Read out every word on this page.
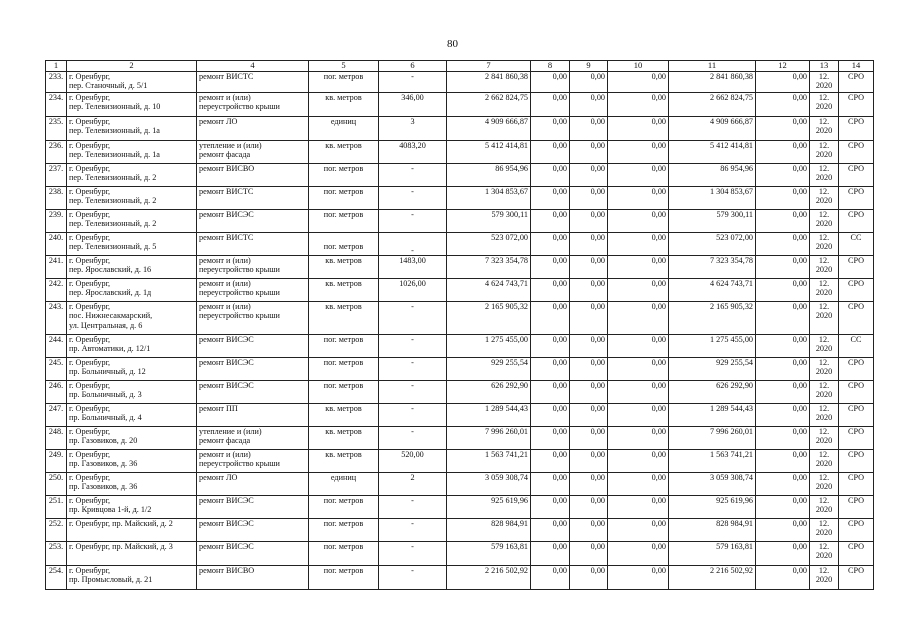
80
1	2	4	5	6	7	8	9	10	11	12	13	14
233.	г. Оренбург,
пер. Станочный, д. 5/1	ремонт ВИСТС	пог. метров	-	2 841 860,38	0,00	0,00	0,00	2 841 860,38	0,00	12.
2020	СРО
234.	г. Оренбург,
пер. Телевизионный, д. 10	ремонт и (или)
переустройство крыши	кв. метров	346,00	2 662 824,75	0,00	0,00	0,00	2 662 824,75	0,00	12.
2020	СРО
235.	г. Оренбург,
пер. Телевизионный, д. 1а	ремонт ЛО	единиц	3	4 909 666,87	0,00	0,00	0,00	4 909 666,87	0,00	12.
2020	СРО
236.	г. Оренбург,
пер. Телевизионный, д. 1а	утепление и (или)
ремонт фасада	кв. метров	4083,20	5 412 414,81	0,00	0,00	0,00	5 412 414,81	0,00	12.
2020	СРО
237.	г. Оренбург,
пер. Телевизионный, д. 2	ремонт ВИСВО	пог. метров	-	86 954,96	0,00	0,00	0,00	86 954,96	0,00	12.
2020	СРО
238.	г. Оренбург,
пер. Телевизионный, д. 2	ремонт ВИСТС	пог. метров	-	1 304 853,67	0,00	0,00	0,00	1 304 853,67	0,00	12.
2020	СРО
239.	г. Оренбург,
пер. Телевизионный, д. 2	ремонт ВИСЭС	пог. метров	-	579 300,11	0,00	0,00	0,00	579 300,11	0,00	12.
2020	СРО
240.	г. Оренбург,
пер. Телевизионный, д. 5	ремонт ВИСТС	пог. метров	-	523 072,00	0,00	0,00	0,00	523 072,00	0,00	12.
2020	СС
241.	г. Оренбург,
пер. Ярославский, д. 16	ремонт и (или)
переустройство крыши	кв. метров	1483,00	7 323 354,78	0,00	0,00	0,00	7 323 354,78	0,00	12.
2020	СРО
242.	г. Оренбург,
пер. Ярославский, д. 1д	ремонт и (или)
переустройство крыши	кв. метров	1026,00	4 624 743,71	0,00	0,00	0,00	4 624 743,71	0,00	12.
2020	СРО
243.	г. Оренбург,
пос. Нижнесакмарский,
ул. Центральная, д. 6	ремонт и (или)
переустройство крыши	кв. метров	-	2 165 905,32	0,00	0,00	0,00	2 165 905,32	0,00	12.
2020	СРО
244.	г. Оренбург,
пр. Автоматики, д. 12/1	ремонт ВИСЭС	пог. метров	-	1 275 455,00	0,00	0,00	0,00	1 275 455,00	0,00	12.
2020	СС
245.	г. Оренбург,
пр. Больничный, д. 12	ремонт ВИСЭС	пог. метров	-	929 255,54	0,00	0,00	0,00	929 255,54	0,00	12.
2020	СРО
246.	г. Оренбург,
пр. Больничный, д. 3	ремонт ВИСЭС	пог. метров	-	626 292,90	0,00	0,00	0,00	626 292,90	0,00	12.
2020	СРО
247.	г. Оренбург,
пр. Больничный, д. 4	ремонт ПП	кв. метров	-	1 289 544,43	0,00	0,00	0,00	1 289 544,43	0,00	12.
2020	СРО
248.	г. Оренбург,
пр. Газовиков, д. 20	утепление и (или)
ремонт фасада	кв. метров	-	7 996 260,01	0,00	0,00	0,00	7 996 260,01	0,00	12.
2020	СРО
249.	г. Оренбург,
пр. Газовиков, д. 36	ремонт и (или)
переустройство крыши	кв. метров	520,00	1 563 741,21	0,00	0,00	0,00	1 563 741,21	0,00	12.
2020	СРО
250.	г. Оренбург,
пр. Газовиков, д. 36	ремонт ЛО	единиц	2	3 059 308,74	0,00	0,00	0,00	3 059 308,74	0,00	12.
2020	СРО
251.	г. Оренбург,
пр. Кривцова 1-й, д. 1/2	ремонт ВИСЭС	пог. метров	-	925 619,96	0,00	0,00	0,00	925 619,96	0,00	12.
2020	СРО
252.	г. Оренбург, пр. Майский, д. 2	ремонт ВИСЭС	пог. метров	-	828 984,91	0,00	0,00	0,00	828 984,91	0,00	12.
2020	СРО
253.	г. Оренбург, пр. Майский, д. 3	ремонт ВИСЭС	пог. метров	-	579 163,81	0,00	0,00	0,00	579 163,81	0,00	12.
2020	СРО
254.	г. Оренбург,
пр. Промысловый, д. 21	ремонт ВИСВО	пог. метров	-	2 216 502,92	0,00	0,00	0,00	2 216 502,92	0,00	12.
2020	СРО
